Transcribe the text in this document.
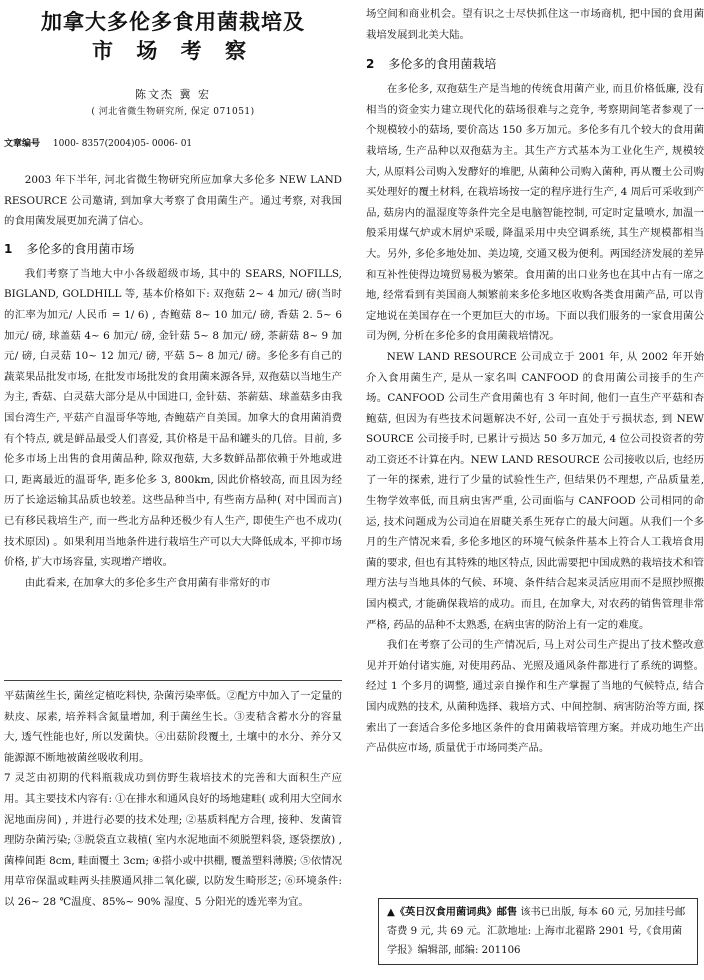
加拿大多伦多食用菌栽培及
市 场 考 察
陈文杰 冀 宏
( 河北省微生物研究所, 保定 071051)
文章编号 1000- 8357(2004)05- 0006- 01

2003 年下半年, 河北省微生物研究所应加拿大多伦多 NEW LAND RESOURCE 公司邀请, 到加拿大考察了食用菌生产。通过考察, 对我国的食用菌发展更加充满了信心。

1 多伦多的食用菌市场

我们考察了当地大中小各级超级市场, 其中的 SEARS, NOFILLS, BIGLAND, GOLDHILL 等, 基本价格如下: 双孢菇 2~ 4 加元/ 磅(当时的汇率为加元/ 人民币 = 1/ 6) , 杏鲍菇 8~ 10 加元/ 磅, 香菇 2. 5~ 6 加元/ 磅, 球盖菇 4~ 6 加元/ 磅, 金针菇 5~ 8 加元/ 磅, 茶薪菇 8~ 9 加元/ 磅, 白灵菇 10~ 12 加元/ 磅, 平菇 5~ 8 加元/ 磅。多伦多有自己的蔬菜果品批发市场, 在批发市场批发的食用菌来源各异, 双孢菇以当地生产为主, 香菇、白灵菇大部分是从中国进口, 金针菇、茶薪菇、球盖菇多由我国台湾生产, 平菇产自温哥华等地, 杏鲍菇产自美国。加拿大的食用菌消费有个特点, 就是鲜品最受人们喜爱, 其价格是干品和罐头的几倍。目前, 多伦多市场上出售的食用菌品种, 除双孢菇, 大多数鲜品都依赖于外地或进口, 距离最近的温哥华, 距多伦多 3, 800km, 因此价格较高, 而且因为经历了长途运输其品质也较差。这些品种当中, 有些南方品种( 对中国而言) 已有移民栽培生产, 而一些北方品种还极少有人生产, 即使生产也不成功( 技术原因) 。如果利用当地条件进行栽培生产可以大大降低成本, 平抑市场价格, 扩大市场容量, 实现增产增收。

由此看来, 在加拿大的多伦多生产食用菌有非常好的市

平菇菌丝生长, 菌丝定植吃料快, 杂菌污染率低。②配方中加入了一定量的麸皮、尿素, 培养料含氮量增加, 利于菌丝生长。③麦秸含蓄水分的容量大, 透气性能也好, 所以发菌快。④出菇阶段覆土, 土壤中的水分、养分又能源源不断地被菌丝吸收利用。

7 灵芝由初期的代料瓶栽成功到仿野生栽培技术的完善和大面积生产应用。其主要技术内容有: ①在排水和通风良好的场地建畦( 或利用大空间水泥地面房间) , 并进行必要的技术处理; ②基质料配方合理, 接种、发菌管理防杂菌污染; ③脱袋直立栽植( 室内水泥地面不须脱塑料袋, 逐袋摆放) , 菌棒间距 8cm, 畦面覆土 3cm; ④搭小或中拱棚, 覆盖塑料薄膜; ⑤依情况用草帘保温或畦两头挂膜通风排二氧化碳, 以防发生畸形芝; ⑥环境条件: 以 26~ 28 ℃温度、85%~ 90% 湿度、5 分阳光的透光率为宜。

场空间和商业机会。望有识之士尽快抓住这一市场商机, 把中国的食用菌栽培发展到北美大陆。

2 多伦多的食用菌栽培

在多伦多, 双孢菇生产是当地的传统食用菌产业, 而且价格低廉, 没有相当的资金实力建立现代化的菇场很难与之竞争, 考察期间笔者参观了一个规模较小的菇场, 要价高达 150 多万加元。多伦多有几个较大的食用菌栽培场, 生产品种以双孢菇为主。其生产方式基本为工业化生产, 规模较大, 从原料公司购入发酵好的堆肥, 从菌种公司购入菌种, 再从覆土公司购买处理好的覆土材料, 在栽培场按一定的程序进行生产, 4 周后可采收到产品, 菇房内的温湿度等条件完全是电脑智能控制, 可定时定量喷水, 加温一般采用煤气炉或木屑炉采暖, 降温采用中央空调系统, 其生产规模都相当大。另外, 多伦多地处加、美边境, 交通又极为便利。两国经济发展的差异和互补性使得边境贸易极为繁荣。食用菌的出口业务也在其中占有一席之地, 经常看到有美国商人频繁前来多伦多地区收购各类食用菌产品, 可以肯定地说在美国存在一个更加巨大的市场。下面以我们服务的一家食用菌公司为例, 分析在多伦多的食用菌栽培情况。

NEW LAND RESOURCE 公司成立于 2001 年, 从 2002 年开始介入食用菌生产, 是从一家名叫 CANFOOD 的食用菌公司接手的生产场。CANFOOD 公司生产食用菌也有 3 年时间, 他们一直生产平菇和杏鲍菇, 但因为有些技术问题解决不好, 公司一直处于亏损状态, 到 NEW SOURCE 公司接手时, 已累计亏损达 50 多万加元, 4 位公司投资者的劳动工资还不计算在内。NEW LAND RESOURCE 公司接收以后, 也经历了一年的探索, 进行了少量的试验性生产, 但结果仍不理想, 产品质量差, 生物学效率低, 而且病虫害严重, 公司面临与 CANFOOD 公司相同的命运, 技术问题成为公司迫在眉睫关系生死存亡的最大问题。从我们一个多月的生产情况来看, 多伦多地区的环境气候条件基本上符合人工栽培食用菌的要求, 但也有其特殊的地区特点, 因此需要把中国成熟的栽培技术和管理方法与当地具体的气候、环境、条件结合起来灵活应用而不是照抄照搬国内模式, 才能确保栽培的成功。而且, 在加拿大, 对农药的销售管理非常严格, 药品的品种不太熟悉, 在病虫害的防治上有一定的难度。

我们在考察了公司的生产情况后, 马上对公司生产提出了技术整改意见并开始付诸实施, 对使用药品、光照及通风条件都进行了系统的调整。经过 1 个多月的调整, 通过亲自操作和生产掌握了当地的气候特点, 结合国内成熟的技术, 从菌种选择、栽培方式、中间控制、病害防治等方面, 探索出了一套适合多伦多地区条件的食用菌栽培管理方案。并成功地生产出产品供应市场, 质量优于市场同类产品。

▲《英日汉食用菌词典》邮售 该书已出版, 每本 60 元, 另加挂号邮寄费 9 元, 共 69 元。汇款地址: 上海市北翟路 2901 号,《食用菌学报》编辑部, 邮编: 201106
